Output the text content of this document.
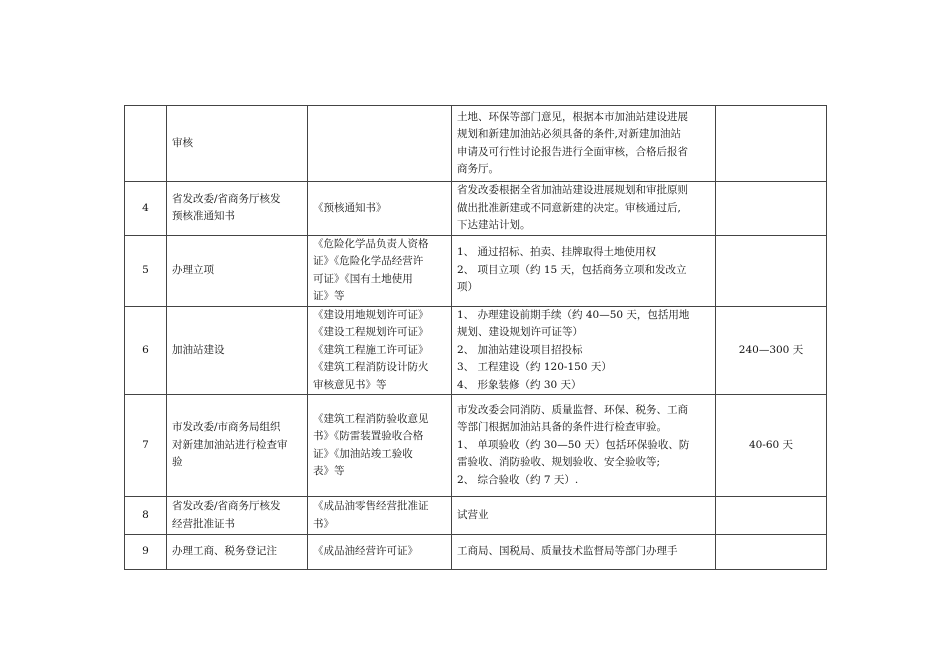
	审核		土地、环保等部门意见，根据本市加油站建设进展
规划和新建加油站必须具备的条件,对新建加油站
申请及可行性讨论报告进行全面审核，合格后报省
商务厅。	

4	省发改委/省商务厅核发
预核准通知书	《预核通知书》	省发改委根据全省加油站建设进展规划和审批原则
做出批准新建或不同意新建的决定。审核通过后,
下达建站计划。	

5	办理立项	《危险化学品负责人资格
证》《危险化学品经营许
可证》《国有土地使用
证》等	1、 通过招标、拍卖、挂牌取得土地使用权
2、 项目立项（约 15 天，包括商务立项和发改立
项）	

6	加油站建设	《建设用地规划许可证》
《建设工程规划许可证》
《建筑工程施工许可证》
《建筑工程消防设计防火
审核意见书》等	1、 办理建设前期手续（约 40—50 天，包括用地
规划、建设规划许可证等）
2、 加油站建设项目招投标
3、 工程建设（约 120-150 天）
4、 形象装修（约 30 天）	240—300 天
7	市发改委/市商务局组织
对新建加油站进行检查审
验	《建筑工程消防验收意见
书》《防雷装置验收合格
证》《加油站竣工验收
表》等	市发改委会同消防、质量监督、环保、税务、工商
等部门根据加油站具备的条件进行检查审验。
1、 单项验收（约 30—50 天）包括环保验收、防
雷验收、消防验收、规划验收、安全验收等;
2、 综合验收（约 7 天）.	40-60 天
8	省发改委/省商务厅核发
经营批准证书	《成品油零售经营批准证
书》	试营业	

9	办理工商、税务登记注	《成品油经营许可证》	工商局、国税局、质量技术监督局等部门办理手	
